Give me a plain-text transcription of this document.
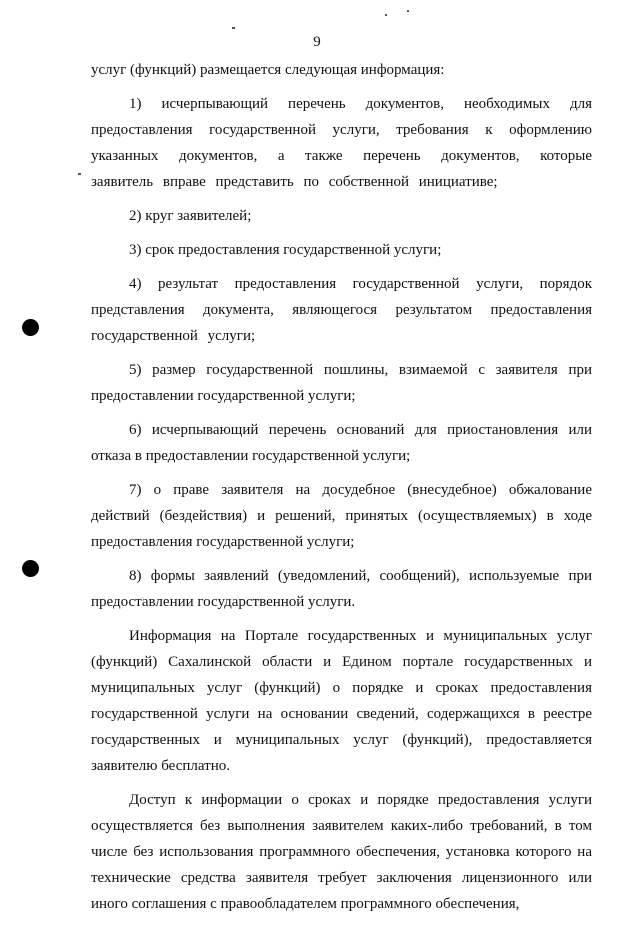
9

услуг (функций) размещается следующая информация:

1) исчерпывающий перечень документов, необходимых для предоставления государственной услуги, требования к оформлению указанных документов, а также перечень документов, которые заявитель вправе представить по собственной инициативе;

2) круг заявителей;

3) срок предоставления государственной услуги;

4) результат предоставления государственной услуги, порядок представления документа, являющегося результатом предоставления государственной услуги;

5) размер государственной пошлины, взимаемой с заявителя при предоставлении государственной услуги;

6) исчерпывающий перечень оснований для приостановления или отказа в предоставлении государственной услуги;

7) о праве заявителя на досудебное (внесудебное) обжалование действий (бездействия) и решений, принятых (осуществляемых) в ходе предоставления государственной услуги;

8) формы заявлений (уведомлений, сообщений), используемые при предоставлении государственной услуги.

Информация на Портале государственных и муниципальных услуг (функций) Сахалинской области и Едином портале государственных и муниципальных услуг (функций) о порядке и сроках предоставления государственной услуги на основании сведений, содержащихся в реестре государственных и муниципальных услуг (функций), предоставляется заявителю бесплатно.

Доступ к информации о сроках и порядке предоставления услуги осуществляется без выполнения заявителем каких-либо требований, в том числе без использования программного обеспечения, установка которого на технические средства заявителя требует заключения лицензионного или иного соглашения с правообладателем программного обеспечения,
